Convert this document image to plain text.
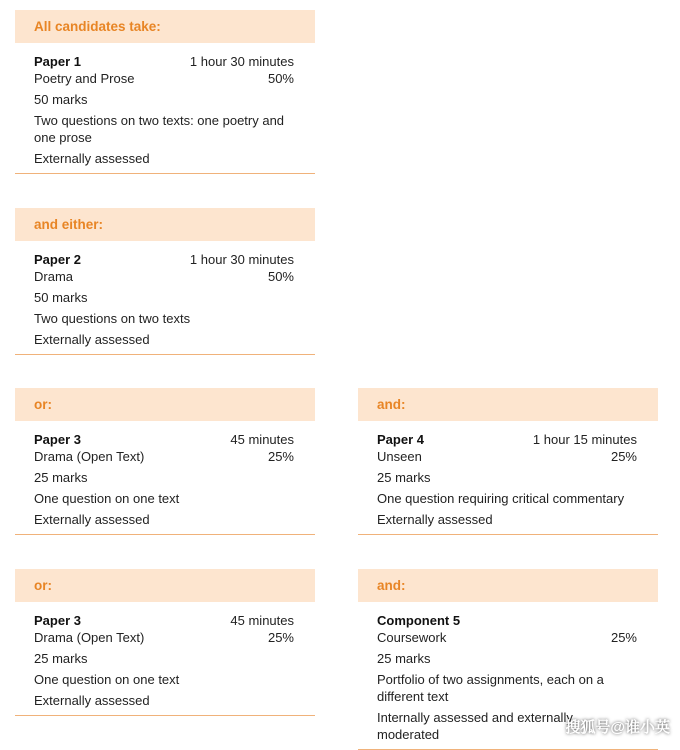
All candidates take:
Paper 1	1 hour 30 minutes
Poetry and Prose	50%
50 marks
Two questions on two texts: one poetry and one prose
Externally assessed
and either:
Paper 2	1 hour 30 minutes
Drama	50%
50 marks
Two questions on two texts
Externally assessed
or:
Paper 3	45 minutes
Drama (Open Text)	25%
25 marks
One question on one text
Externally assessed
and:
Paper 4	1 hour 15 minutes
Unseen	25%
25 marks
One question requiring critical commentary
Externally assessed
or:
Paper 3	45 minutes
Drama (Open Text)	25%
25 marks
One question on one text
Externally assessed
and:
Component 5
Coursework	25%
25 marks
Portfolio of two assignments, each on a different text
Internally assessed and externally moderated	搜狐号@谁小英
